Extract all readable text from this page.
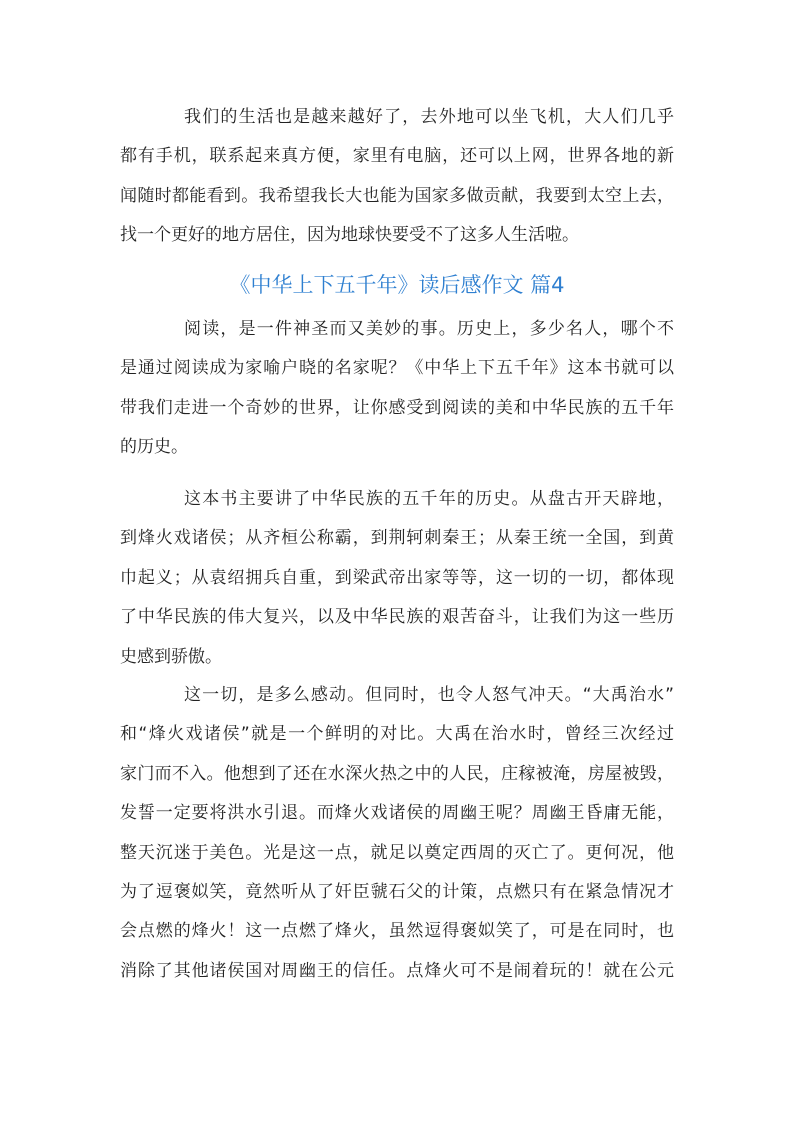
我们的生活也是越来越好了，去外地可以坐飞机，大人们几乎
都有手机，联系起来真方便，家里有电脑，还可以上网，世界各地的新
闻随时都能看到。我希望我长大也能为国家多做贡献，我要到太空上去，
找一个更好的地方居住，因为地球快要受不了这多人生活啦。
《中华上下五千年》读后感作文 篇4
阅读，是一件神圣而又美妙的事。历史上，多少名人，哪个不
是通过阅读成为家喻户晓的名家呢？《中华上下五千年》这本书就可以
带我们走进一个奇妙的世界，让你感受到阅读的美和中华民族的五千年
的历史。
这本书主要讲了中华民族的五千年的历史。从盘古开天辟地，
到烽火戏诸侯；从齐桓公称霸，到荆轲刺秦王；从秦王统一全国，到黄
巾起义；从袁绍拥兵自重，到梁武帝出家等等，这一切的一切，都体现
了中华民族的伟大复兴，以及中华民族的艰苦奋斗，让我们为这一些历
史感到骄傲。
这一切，是多么感动。但同时，也令人怒气冲天。“大禹治水”
和“烽火戏诸侯”就是一个鲜明的对比。大禹在治水时，曾经三次经过
家门而不入。他想到了还在水深火热之中的人民，庄稼被淹，房屋被毁，
发誓一定要将洪水引退。而烽火戏诸侯的周幽王呢？周幽王昏庸无能，
整天沉迷于美色。光是这一点，就足以奠定西周的灭亡了。更何况，他
为了逗褒姒笑，竟然听从了奸臣虢石父的计策，点燃只有在紧急情况才
会点燃的烽火！这一点燃了烽火，虽然逗得褒姒笑了，可是在同时，也
消除了其他诸侯国对周幽王的信任。点烽火可不是闹着玩的！就在公元
